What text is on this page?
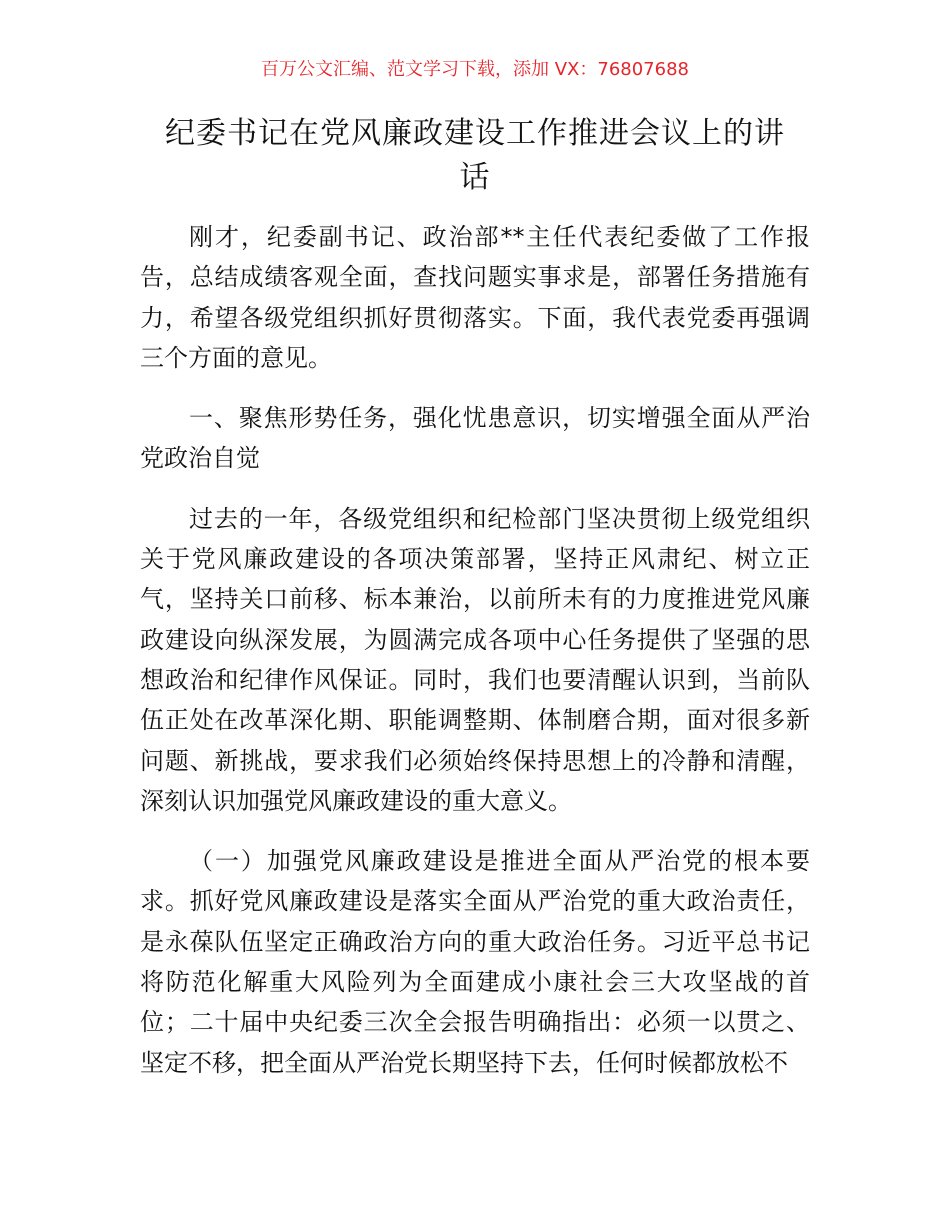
百万公文汇编、范文学习下载，添加 VX：76807688
纪委书记在党风廉政建设工作推进会议上的讲
话
刚才，纪委副书记、政治部**主任代表纪委做了工作报
告，总结成绩客观全面，查找问题实事求是，部署任务措施有
力，希望各级党组织抓好贯彻落实。下面，我代表党委再强调
三个方面的意见。
一、聚焦形势任务，强化忧患意识，切实增强全面从严治
党政治自觉
过去的一年，各级党组织和纪检部门坚决贯彻上级党组织
关于党风廉政建设的各项决策部署，坚持正风肃纪、树立正
气，坚持关口前移、标本兼治，以前所未有的力度推进党风廉
政建设向纵深发展，为圆满完成各项中心任务提供了坚强的思
想政治和纪律作风保证。同时，我们也要清醒认识到，当前队
伍正处在改革深化期、职能调整期、体制磨合期，面对很多新
问题、新挑战，要求我们必须始终保持思想上的冷静和清醒，
深刻认识加强党风廉政建设的重大意义。
（一）加强党风廉政建设是推进全面从严治党的根本要
求。抓好党风廉政建设是落实全面从严治党的重大政治责任，
是永葆队伍坚定正确政治方向的重大政治任务。习近平总书记
将防范化解重大风险列为全面建成小康社会三大攻坚战的首
位；二十届中央纪委三次全会报告明确指出：必须一以贯之、
坚定不移，把全面从严治党长期坚持下去，任何时候都放松不
